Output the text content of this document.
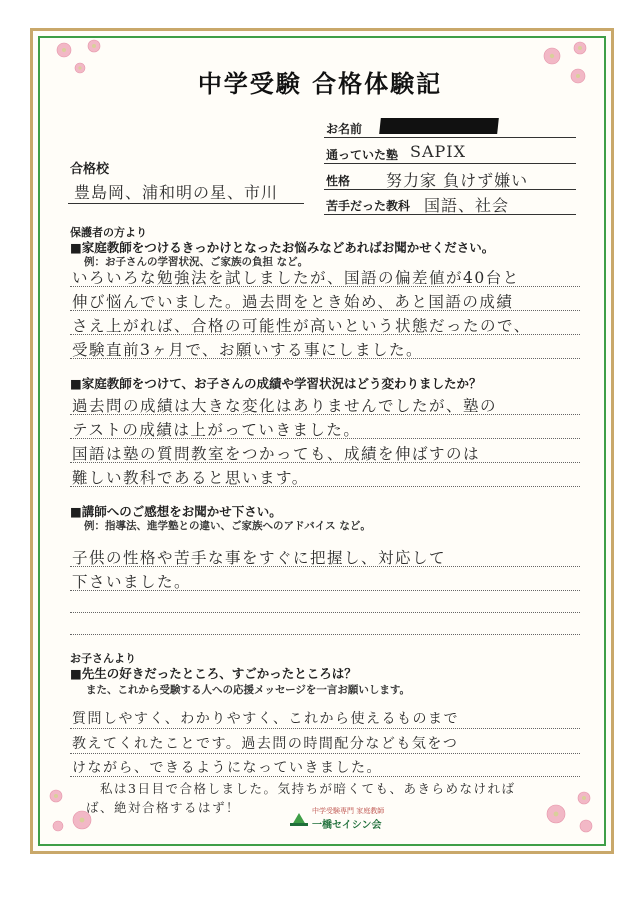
中学受験 合格体験記
お名前
通っていた塾 SAPIX
性格 努力家 負けず嫌い
苦手だった教科 国語、社会
合格校
豊島岡、浦和明の星、市川
保護者の方より
■家庭教師をつけるきっかけとなったお悩みなどあればお聞かせください。
例：お子さんの学習状況、ご家族の負担 など。
いろいろな勉強法を試しましたが、国語の偏差値が40台と
伸び悩んでいました。過去問をとき始め、あと国語の成績
さえ上がれば、合格の可能性が高いという状態だったので、
受験直前3ヶ月で、お願いする事にしました。
■家庭教師をつけて、お子さんの成績や学習状況はどう変わりましたか？
過去問の成績は大きな変化はありませんでしたが、塾の
テストの成績は上がっていきました。
国語は塾の質問教室をつかっても、成績を伸ばすのは
難しい教科であると思います。
■講師へのご感想をお聞かせ下さい。
例：指導法、進学塾との違い、ご家族へのアドバイス など。
子供の性格や苦手な事をすぐに把握し、対応して
下さいました。
お子さんより
■先生の好きだったところ、すごかったところは？
また、これから受験する人への応援メッセージを一言お願いします。
質問しやすく、わかりやすく、これから使えるものまで
教えてくれたことです。過去問の時間配分なども気をつ
けながら、できるようになっていきました。
私は3日目で合格しました。気持ちが暗くても、あきらめなければ
ば、絶対合格するはず！	中学受験専門 家庭教師
一橋セイシン会
